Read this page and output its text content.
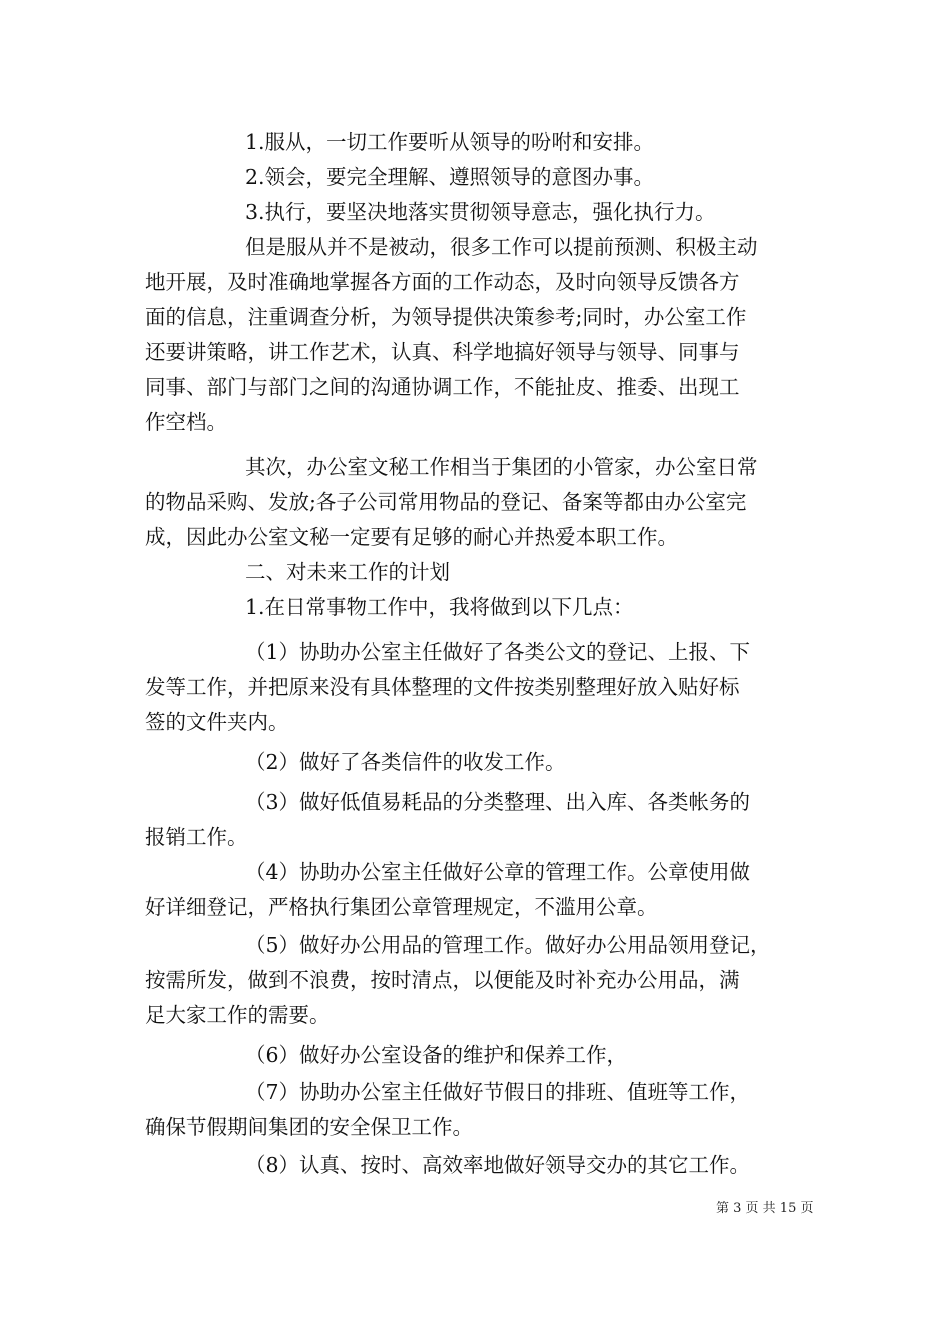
1.服从，一切工作要听从领导的吩咐和安排。
2.领会，要完全理解、遵照领导的意图办事。
3.执行，要坚决地落实贯彻领导意志，强化执行力。
但是服从并不是被动，很多工作可以提前预测、积极主动
地开展，及时准确地掌握各方面的工作动态，及时向领导反馈各方
面的信息，注重调查分析，为领导提供决策参考;同时，办公室工作
还要讲策略，讲工作艺术，认真、科学地搞好领导与领导、同事与
同事、部门与部门之间的沟通协调工作，不能扯皮、推委、出现工
作空档。
其次，办公室文秘工作相当于集团的小管家，办公室日常
的物品采购、发放;各子公司常用物品的登记、备案等都由办公室完
成，因此办公室文秘一定要有足够的耐心并热爱本职工作。
二、对未来工作的计划
1.在日常事物工作中，我将做到以下几点：
（1）协助办公室主任做好了各类公文的登记、上报、下
发等工作，并把原来没有具体整理的文件按类别整理好放入贴好标
签的文件夹内。
（2）做好了各类信件的收发工作。
（3）做好低值易耗品的分类整理、出入库、各类帐务的
报销工作。
（4）协助办公室主任做好公章的管理工作。公章使用做
好详细登记，严格执行集团公章管理规定，不滥用公章。
（5）做好办公用品的管理工作。做好办公用品领用登记，
按需所发，做到不浪费，按时清点，以便能及时补充办公用品，满
足大家工作的需要。
（6）做好办公室设备的维护和保养工作，
（7）协助办公室主任做好节假日的排班、值班等工作，
确保节假期间集团的安全保卫工作。
（8）认真、按时、高效率地做好领导交办的其它工作。
第 3 页 共 15 页
